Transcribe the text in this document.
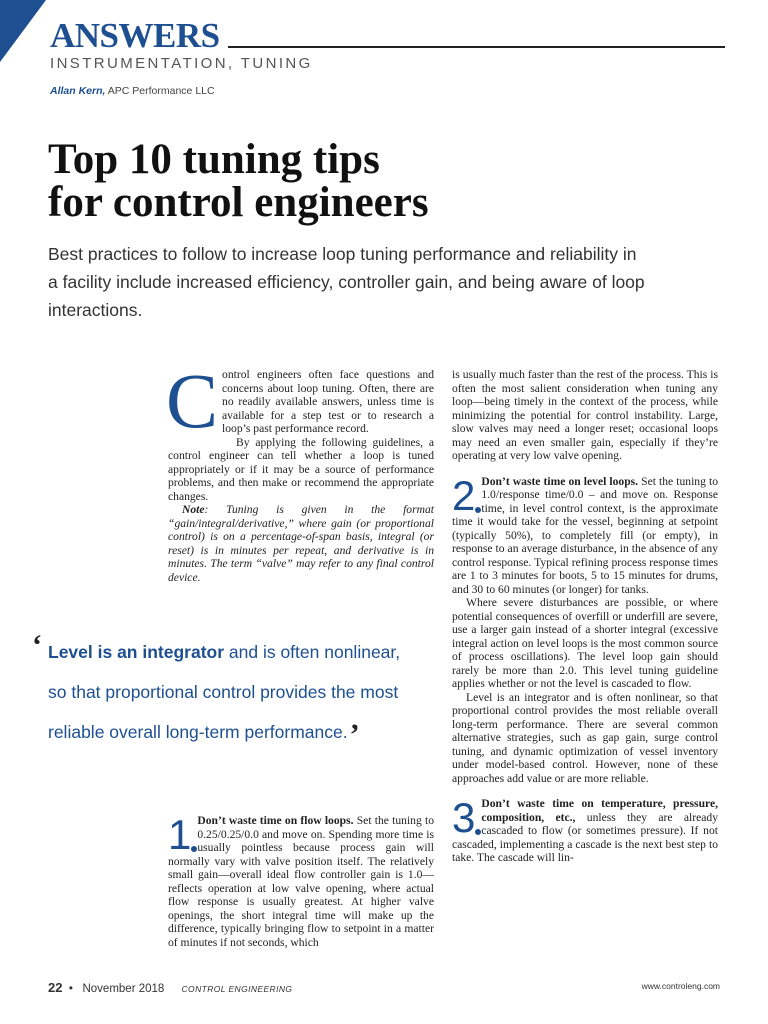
ANSWERS
INSTRUMENTATION, TUNING
Allan Kern, APC Performance LLC
Top 10 tuning tips
for control engineers
Best practices to follow to increase loop tuning performance and reliability in a facility include increased efficiency, controller gain, and being aware of loop interactions.

C ontrol engineers often face questions and concerns about loop tuning. Often, there are no readily available answers, unless time is available for a step test or to research a loop’s past performance record.

By applying the following guidelines, a control engineer can tell whether a loop is tuned appropriately or if it may be a source of performance problems, and then make or recommend the appropriate changes.

Note: Tuning is given in the format “gain/integral/derivative,” where gain (or proportional control) is on a percentage-of-span basis, integral (or reset) is in minutes per repeat, and derivative is in minutes. The term “valve” may refer to any final control device.

‘ Level is an integrator and is often nonlinear, so that proportional control provides the most reliable overall long-term performance.’

1 Don’t waste time on flow loops. Set the tuning to 0.25/0.25/0.0 and move on. Spending more time is usually pointless because process gain will normally vary with valve position itself. The relatively small gain—overall ideal flow controller gain is 1.0—reflects operation at low valve opening, where actual flow response is usually greatest. At higher valve openings, the short integral time will make up the difference, typically bringing flow to setpoint in a matter of minutes if not seconds, which

is usually much faster than the rest of the process. This is often the most salient consideration when tuning any loop—being timely in the context of the process, while minimizing the potential for control instability. Large, slow valves may need a longer reset; occasional loops may need an even smaller gain, especially if they’re operating at very low valve opening.

2 Don’t waste time on level loops. Set the tuning to 1.0/response time/0.0 – and move on. Response time, in level control context, is the approximate time it would take for the vessel, beginning at setpoint (typically 50%), to completely fill (or empty), in response to an average disturbance, in the absence of any control response. Typical refining process response times are 1 to 3 minutes for boots, 5 to 15 minutes for drums, and 30 to 60 minutes (or longer) for tanks.

Where severe disturbances are possible, or where potential consequences of overfill or underfill are severe, use a larger gain instead of a shorter integral (excessive integral action on level loops is the most common source of process oscillations). The level loop gain should rarely be more than 2.0. This level tuning guideline applies whether or not the level is cascaded to flow.

Level is an integrator and is often nonlinear, so that proportional control provides the most reliable overall long-term performance. There are several common alternative strategies, such as gap gain, surge control tuning, and dynamic optimization of vessel inventory under model-based control. However, none of these approaches add value or are more reliable.

3 Don’t waste time on temperature, pressure, composition, etc., unless they are already cascaded to flow (or sometimes pressure). If not cascaded, implementing a cascade is the next best step to take. The cascade will lin-

22 • November 2018 CONTROL ENGINEERING	www.controleng.com
